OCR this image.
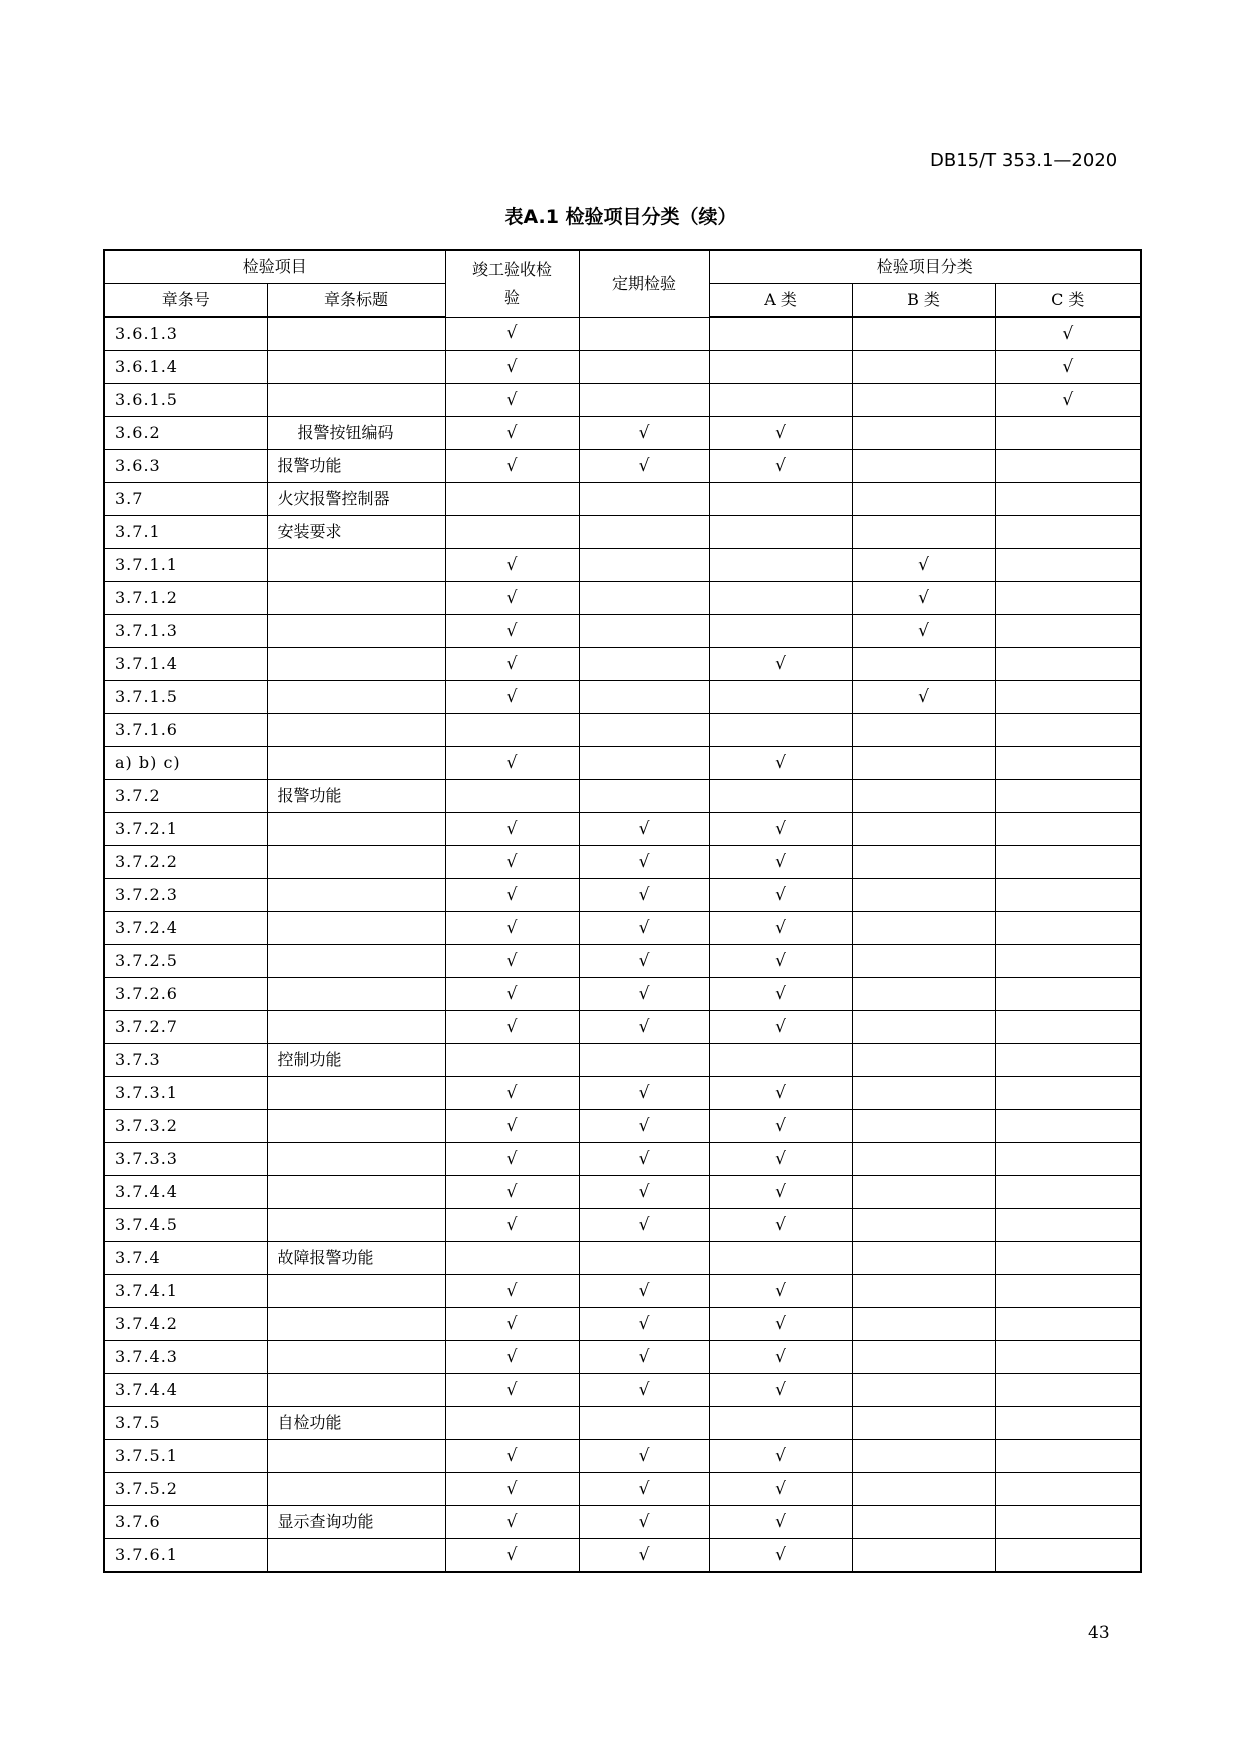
DB15/T 353.1—2020
表A.1 检验项目分类（续）
检验项目		竣工验收检
验	定期检验	检验项目分类		
章条号	章条标题			A 类	B 类	C 类
3.6.1.3		√				√
3.6.1.4		√				√
3.6.1.5		√				√
3.6.2	报警按钮编码	√	√	√		
3.6.3	报警功能	√	√	√		
3.7	火灾报警控制器					
3.7.1	安装要求					
3.7.1.1		√			√	
3.7.1.2		√			√	
3.7.1.3		√			√	
3.7.1.4		√		√		
3.7.1.5		√			√	
3.7.1.6						
a) b) c)		√		√		
3.7.2	报警功能					
3.7.2.1		√	√	√		
3.7.2.2		√	√	√		
3.7.2.3		√	√	√		
3.7.2.4		√	√	√		
3.7.2.5		√	√	√		
3.7.2.6		√	√	√		
3.7.2.7		√	√	√		
3.7.3	控制功能					
3.7.3.1		√	√	√		
3.7.3.2		√	√	√		
3.7.3.3		√	√	√		
3.7.4.4		√	√	√		
3.7.4.5		√	√	√		
3.7.4	故障报警功能					
3.7.4.1		√	√	√		
3.7.4.2		√	√	√		
3.7.4.3		√	√	√		
3.7.4.4		√	√	√		
3.7.5	自检功能					
3.7.5.1		√	√	√		
3.7.5.2		√	√	√		
3.7.6	显示查询功能	√	√	√		
3.7.6.1		√	√	√		
43
